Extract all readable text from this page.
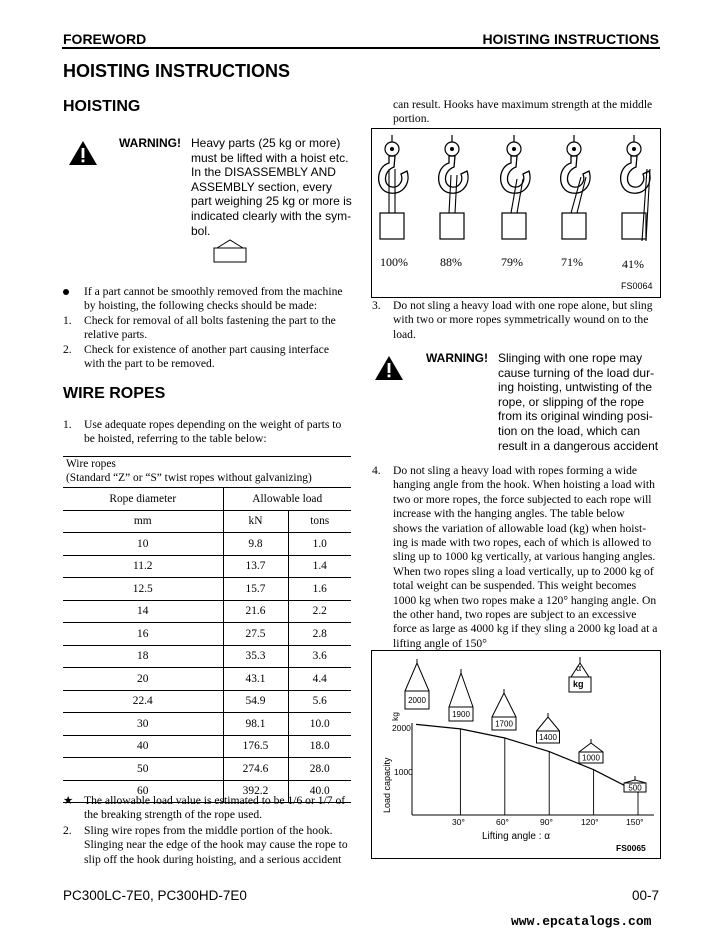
FOREWORD	HOISTING INSTRUCTIONS
HOISTING INSTRUCTIONS
HOISTING
WARNING! Heavy parts (25 kg or more)
must be lifted with a hoist etc.
In the DISASSEMBLY AND
ASSEMBLY section, every
part weighing 25 kg or more is
indicated clearly with the sym-
bol.
If a part cannot be smoothly removed from the machine
by hoisting, the following checks should be made:
1. Check for removal of all bolts fastening the part to the
relative parts.
2. Check for existence of another part causing interface
with the part to be removed.
WIRE ROPES
1. Use adequate ropes depending on the weight of parts to
be hoisted, referring to the table below:
Wire ropes
(Standard “Z” or “S” twist ropes without galvanizing)
Rope diameter	Allowable load	
mm	kN	tons
10	9.8	1.0
11.2	13.7	1.4
12.5	15.7	1.6
14	21.6	2.2
16	27.5	2.8
18	35.3	3.6
20	43.1	4.4
22.4	54.9	5.6
30	98.1	10.0
40	176.5	18.0
50	274.6	28.0
60	392.2	40.0
★ The allowable load value is estimated to be 1/6 or 1/7 of
the breaking strength of the rope used.
2. Sling wire ropes from the middle portion of the hook.
Slinging near the edge of the hook may cause the rope to
slip off the hook during hoisting, and a serious accident
can result. Hooks have maximum strength at the middle
portion.
100%	88%	79%	71%	41%
FS0064
3. Do not sling a heavy load with one rope alone, but sling
with two or more ropes symmetrically wound on to the
load.
WARNING! Slinging with one rope may
cause turning of the load dur-
ing hoisting, untwisting of the
rope, or slipping of the rope
from its original winding posi-
tion on the load, which can
result in a dangerous accident
4. Do not sling a heavy load with ropes forming a wide
hanging angle from the hook. When hoisting a load with
two or more ropes, the force subjected to each rope will
increase with the hanging angles. The table below
shows the variation of allowable load (kg) when hoist-
ing is made with two ropes, each of which is allowed to
sling up to 1000 kg vertically, at various hanging angles.
When two ropes sling a load vertically, up to 2000 kg of
total weight can be suspended. This weight becomes
1000 kg when two ropes make a 120° hanging angle. On
the other hand, two ropes are subject to an excessive
force as large as 4000 kg if they sling a 2000 kg load at a
lifting angle of 150°
2000
1900
1700
1400
1000
500
α
kg
kg
Load capacity
2000
1000
30°	60°	90°	120°	150°
Lifting angle : α
FS0065
PC300LC-7E0, PC300HD-7E0	00-7
www.epcatalogs.com
